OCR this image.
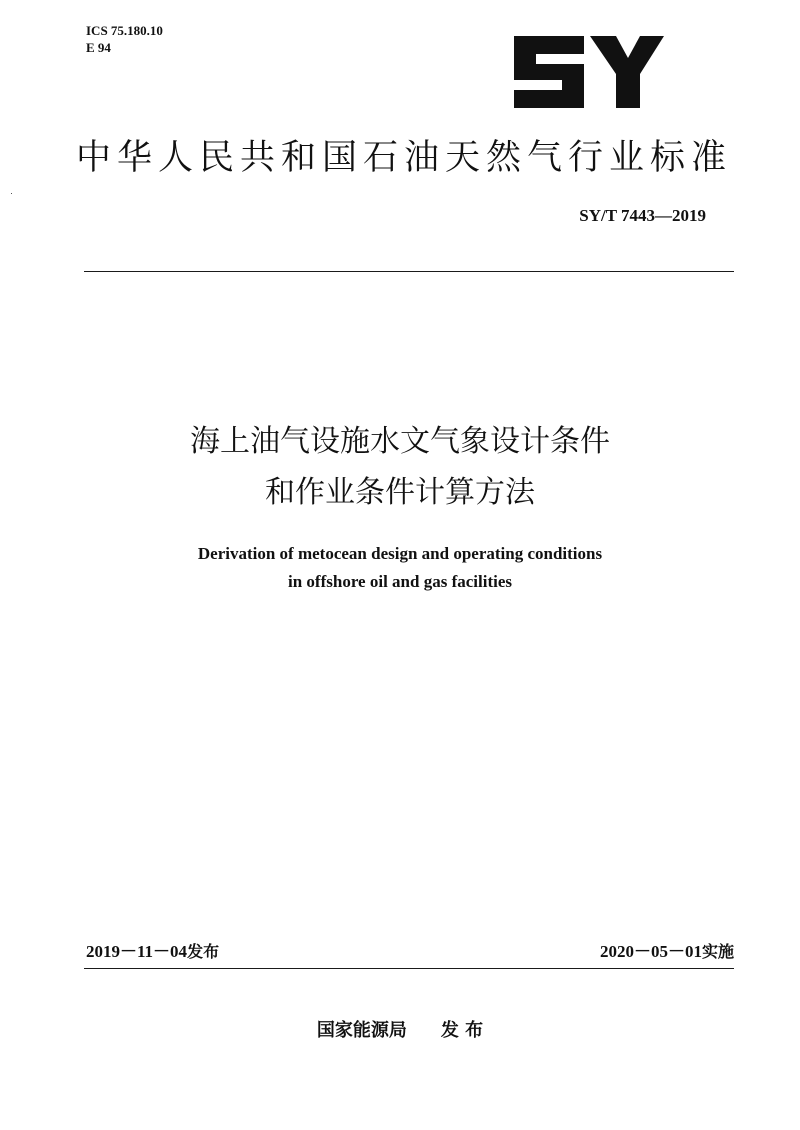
ICS 75.180.10
E 94
中华人民共和国石油天然气行业标准
SY/T 7443—2019
海上油气设施水文气象设计条件
和作业条件计算方法
Derivation of metocean design and operating conditions
in offshore oil and gas facilities
2019－11－04发布	2020－05－01实施
国家能源局 发 布
